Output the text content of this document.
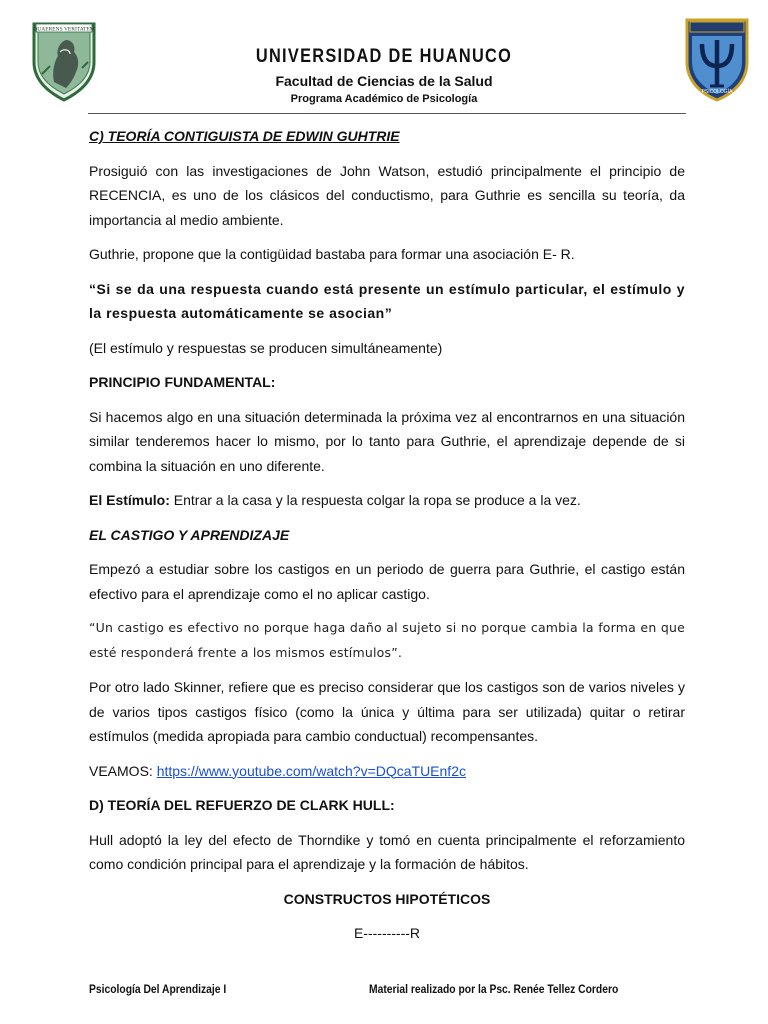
QUAERENS VERITATEM
UNIVERSIDAD DE HUANUCO
Facultad de Ciencias de la Salud
Programa Académico de Psicología
PSICOLOGÍA

C) TEORÍA CONTIGUISTA DE EDWIN GUHTRIE

Prosiguió con las investigaciones de John Watson, estudió principalmente el principio de RECENCIA, es uno de los clásicos del conductismo, para Guthrie es sencilla su teoría, da importancia al medio ambiente.

Guthrie, propone que la contigüidad bastaba para formar una asociación E- R.

“Si se da una respuesta cuando está presente un estímulo particular, el estímulo y la respuesta automáticamente se asocian”

(El estímulo y respuestas se producen simultáneamente)

PRINCIPIO FUNDAMENTAL:

Si hacemos algo en una situación determinada la próxima vez al encontrarnos en una situación similar tenderemos hacer lo mismo, por lo tanto para Guthrie, el aprendizaje depende de si combina la situación en uno diferente.

El Estímulo: Entrar a la casa y la respuesta colgar la ropa se produce a la vez.

EL CASTIGO Y APRENDIZAJE

Empezó a estudiar sobre los castigos en un periodo de guerra para Guthrie, el castigo están efectivo para el aprendizaje como el no aplicar castigo.

“Un castigo es efectivo no porque haga daño al sujeto si no porque cambia la forma en que esté responderá frente a los mismos estímulos”.

Por otro lado Skinner, refiere que es preciso considerar que los castigos son de varios niveles y de varios tipos castigos físico (como la única y última para ser utilizada) quitar o retirar estímulos (medida apropiada para cambio conductual) recompensantes.

VEAMOS: https://www.youtube.com/watch?v=DQcaTUEnf2c

D) TEORÍA DEL REFUERZO DE CLARK HULL:

Hull adoptó la ley del efecto de Thorndike y tomó en cuenta principalmente el reforzamiento como condición principal para el aprendizaje y la formación de hábitos.

CONSTRUCTOS HIPOTÉTICOS

E----------R

Psicología Del Aprendizaje I	Material realizado por la Psc. Renée Tellez Cordero
